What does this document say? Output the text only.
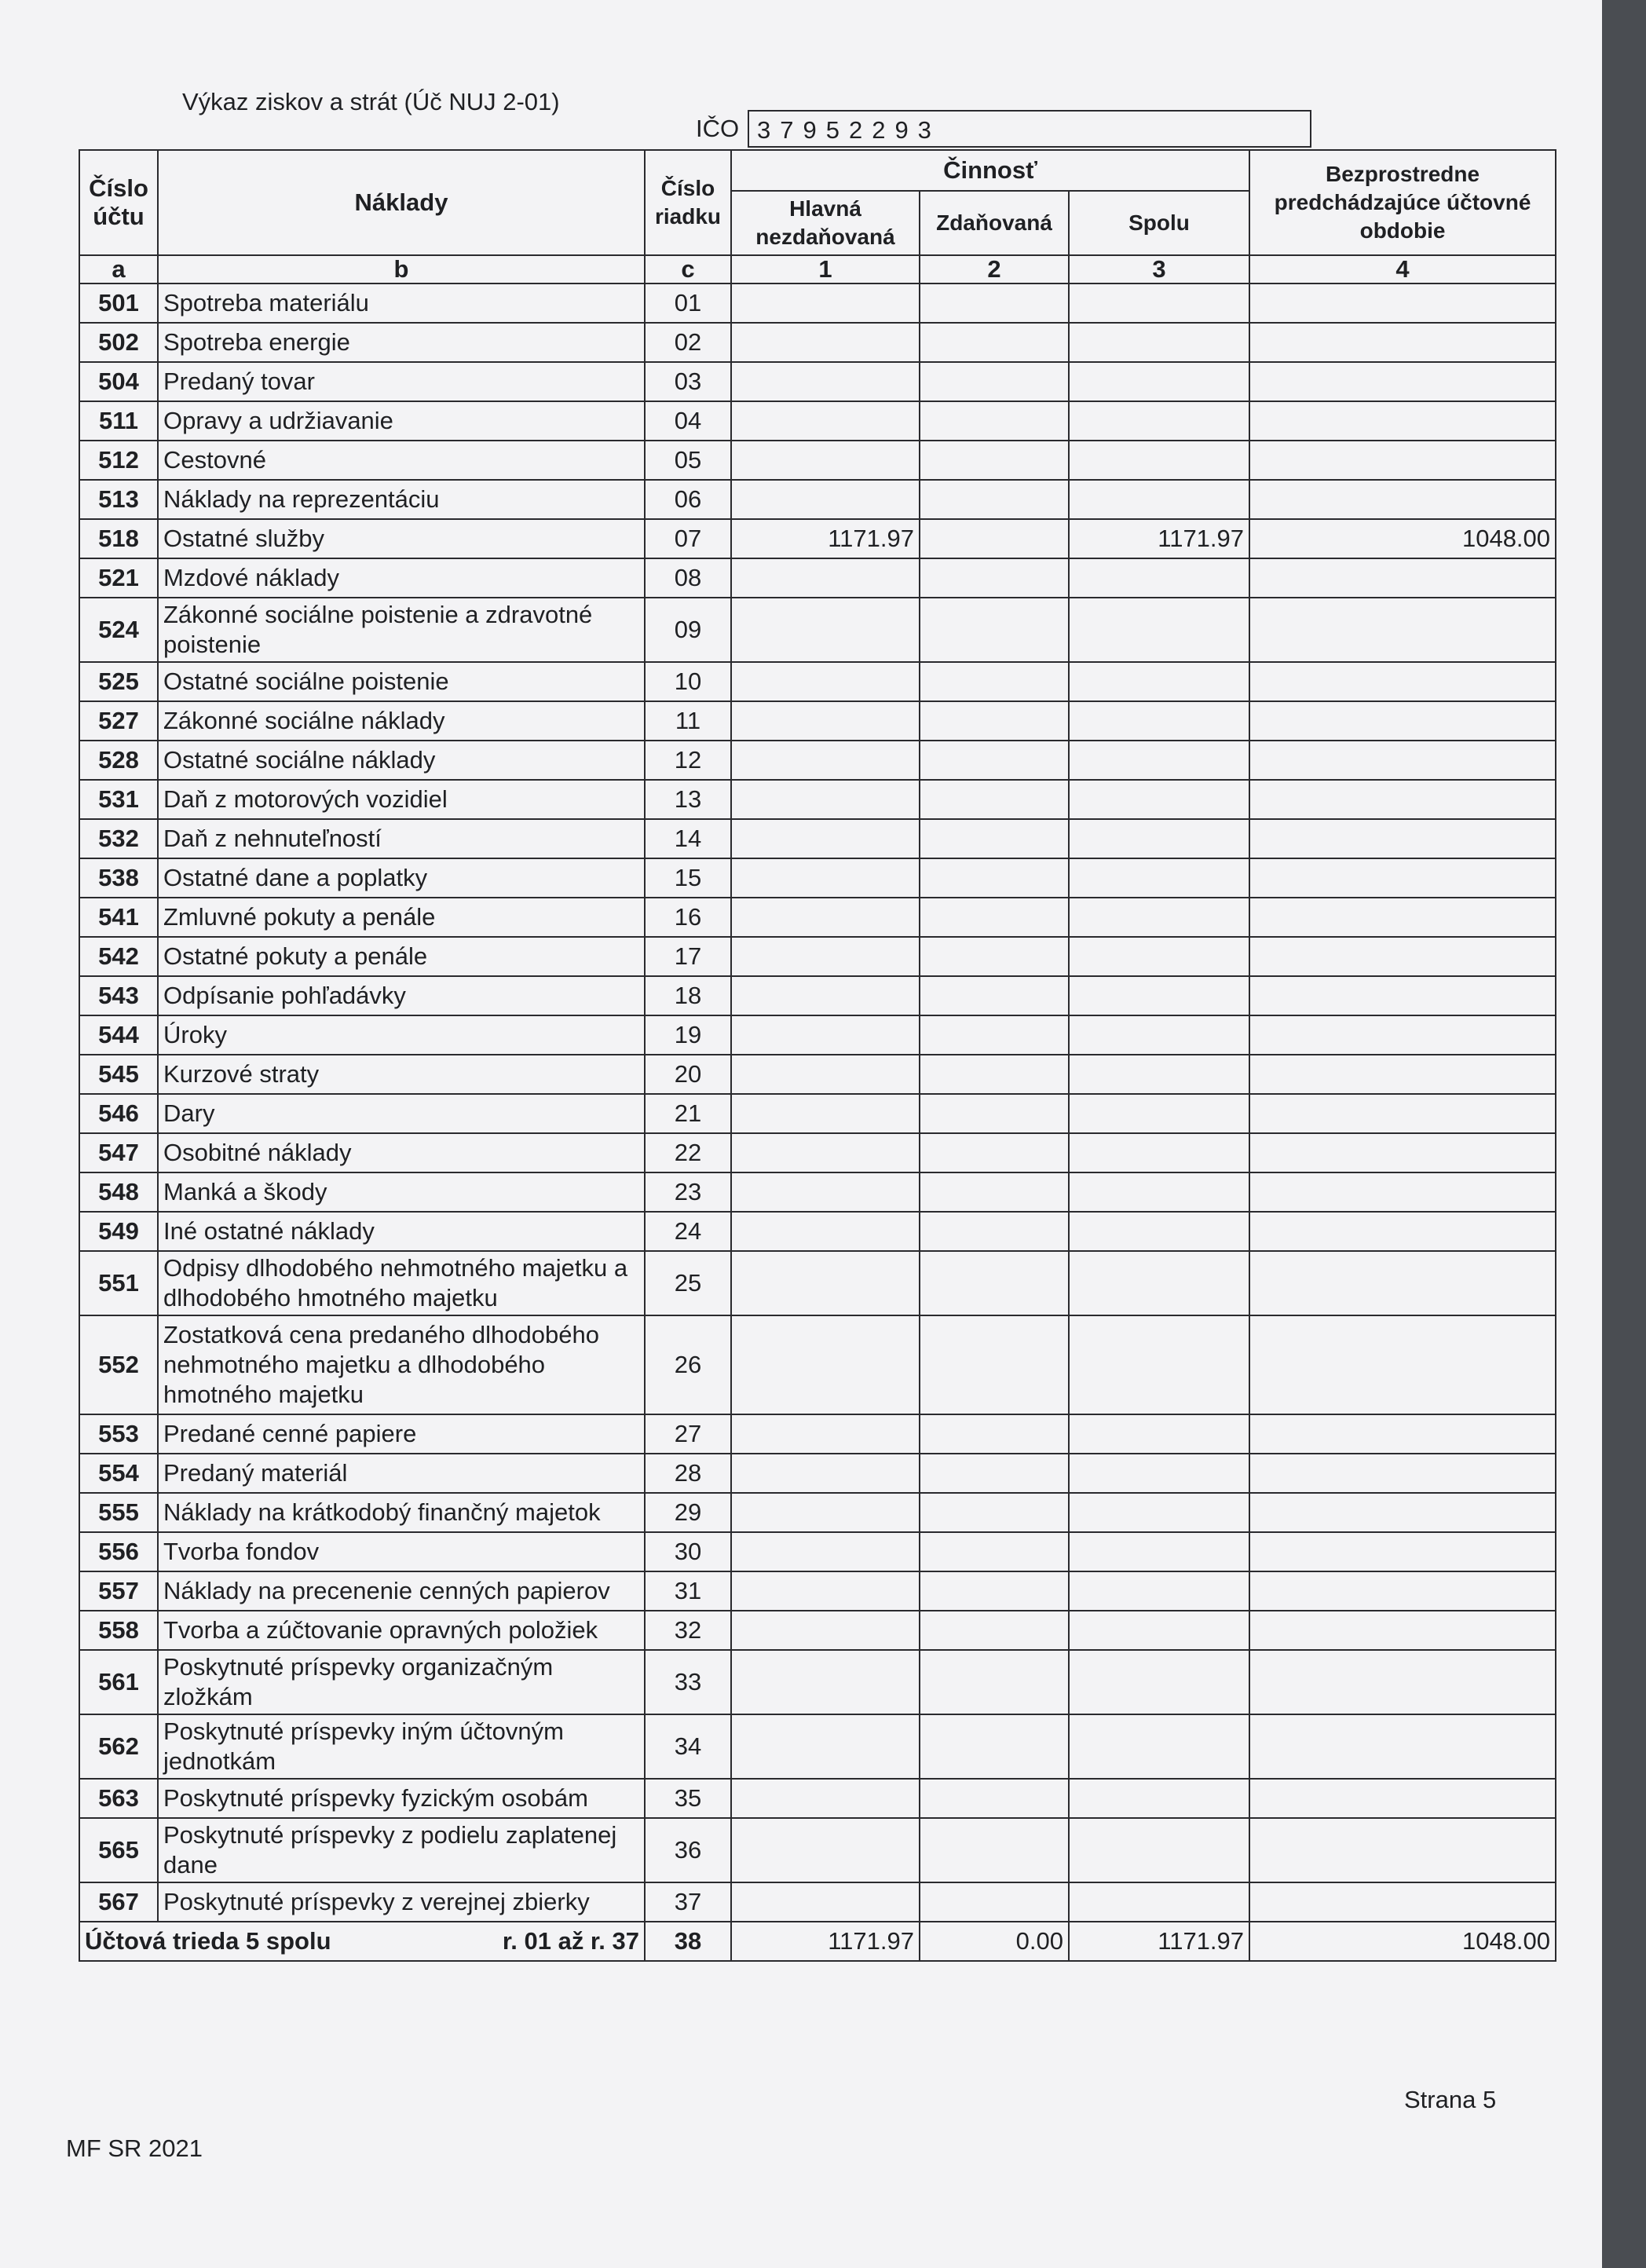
Výkaz ziskov a strát (Úč NUJ 2-01)
IČO 37952293
Číslo účtu	Náklady	Číslo riadku	Činnosť			Bezprostredne predchádzajúce účtovné obdobie
			Hlavná nezdaňovaná	Zdaňovaná	Spolu	
a	b	c	1	2	3	4
501	Spotreba materiálu	01				
502	Spotreba energie	02				
504	Predaný tovar	03				
511	Opravy a udržiavanie	04				
512	Cestovné	05				
513	Náklady na reprezentáciu	06				
518	Ostatné služby	07	1171.97		1171.97	1048.00
521	Mzdové náklady	08				
524	Zákonné sociálne poistenie a zdravotné poistenie	09				
525	Ostatné sociálne poistenie	10				
527	Zákonné sociálne náklady	11				
528	Ostatné sociálne náklady	12				
531	Daň z motorových vozidiel	13				
532	Daň z nehnuteľností	14				
538	Ostatné dane a poplatky	15				
541	Zmluvné pokuty a penále	16				
542	Ostatné pokuty a penále	17				
543	Odpísanie pohľadávky	18				
544	Úroky	19				
545	Kurzové straty	20				
546	Dary	21				
547	Osobitné náklady	22				
548	Manká a škody	23				
549	Iné ostatné náklady	24				
551	Odpisy dlhodobého nehmotného majetku a dlhodobého hmotného majetku	25				
552	Zostatková cena predaného dlhodobého nehmotného majetku a dlhodobého hmotného majetku	26				
553	Predané cenné papiere	27				
554	Predaný materiál	28				
555	Náklady na krátkodobý finančný majetok	29				
556	Tvorba fondov	30				
557	Náklady na precenenie cenných papierov	31				
558	Tvorba a zúčtovanie opravných položiek	32				
561	Poskytnuté príspevky organizačným zložkám	33				
562	Poskytnuté príspevky iným účtovným jednotkám	34				
563	Poskytnuté príspevky fyzickým osobám	35				
565	Poskytnuté príspevky z podielu zaplatenej dane	36				
567	Poskytnuté príspevky z verejnej zbierky	37				
Účtová trieda 5 spolu r. 01 až r. 37		38	1171.97	0.00	1171.97	1048.00
Strana 5
MF SR 2021
